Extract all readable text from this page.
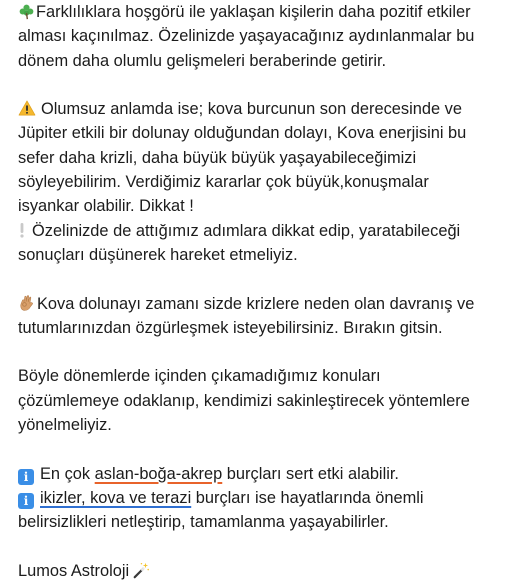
Farklılıklara hoşgörü ile yaklaşan kişilerin daha pozitif etkiler
alması kaçınılmaz. Özelinizde yaşayacağınız aydınlanmalar bu
dönem daha olumlu gelişmeleri beraberinde getirir.
Olumsuz anlamda ise; kova burcunun son derecesinde ve
Jüpiter etkili bir dolunay olduğundan dolayı, Kova enerjisini bu
sefer daha krizli, daha büyük büyük yaşayabileceğimizi
söyleyebilirim. Verdiğimiz kararlar çok büyük,konuşmalar
isyankar olabilir. Dikkat !
Özelinizde de attığımız adımlara dikkat edip, yaratabileceği
sonuçları düşünerek hareket etmeliyiz.
Kova dolunayı zamanı sizde krizlere neden olan davranış ve
tutumlarınızdan özgürleşmek isteyebilirsiniz. Bırakın gitsin.
Böyle dönemlerde içinden çıkamadığımız konuları
çözümlemeye odaklanıp, kendimizi sakinleştirecek yöntemlere
yönelmeliyiz.
i En çok aslan-boğa-akrep burçları sert etki alabilir.
i ikizler, kova ve terazi burçları ise hayatlarında önemli
belirsizlikleri netleştirip, tamamlanma yaşayabilirler.
Lumos Astroloji
